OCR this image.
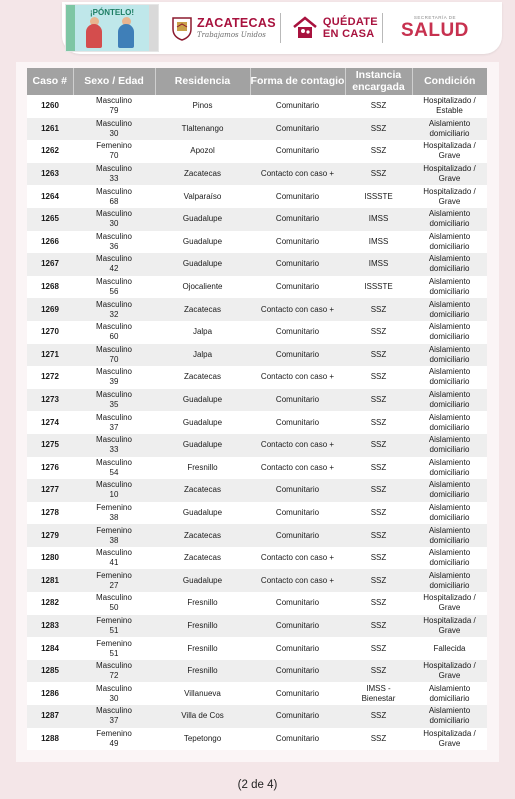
¡PÓNTELO!
ZACATECAS
Trabajamos Unidos
QUÉDATE
EN CASA
SECRETARÍA DE
SALUD
Caso #	Sexo / Edad	Residencia	Forma de contagio	Instancia encargada	Condición

1260	Masculino
79	Pinos	Comunitario	SSZ	Hospitalizado /
Estable

1261	Masculino
30	Tlaltenango	Comunitario	SSZ	Aislamiento
domiciliario

1262	Femenino
70	Apozol	Comunitario	SSZ	Hospitalizada /
Grave

1263	Masculino
33	Zacatecas	Contacto con caso +	SSZ	Hospitalizado /
Grave

1264	Masculino
68	Valparaíso	Comunitario	ISSSTE	Hospitalizado /
Grave

1265	Masculino
30	Guadalupe	Comunitario	IMSS	Aislamiento
domiciliario

1266	Masculino
36	Guadalupe	Comunitario	IMSS	Aislamiento
domiciliario

1267	Masculino
42	Guadalupe	Comunitario	IMSS	Aislamiento
domiciliario

1268	Masculino
56	Ojocaliente	Comunitario	ISSSTE	Aislamiento
domiciliario

1269	Masculino
32	Zacatecas	Contacto con caso +	SSZ	Aislamiento
domiciliario

1270	Masculino
60	Jalpa	Comunitario	SSZ	Aislamiento
domiciliario

1271	Masculino
70	Jalpa	Comunitario	SSZ	Aislamiento
domiciliario

1272	Masculino
39	Zacatecas	Contacto con caso +	SSZ	Aislamiento
domiciliario

1273	Masculino
35	Guadalupe	Comunitario	SSZ	Aislamiento
domiciliario

1274	Masculino
37	Guadalupe	Comunitario	SSZ	Aislamiento
domiciliario

1275	Masculino
33	Guadalupe	Contacto con caso +	SSZ	Aislamiento
domiciliario

1276	Masculino
54	Fresnillo	Contacto con caso +	SSZ	Aislamiento
domiciliario

1277	Masculino
10	Zacatecas	Comunitario	SSZ	Aislamiento
domiciliario

1278	Femenino
38	Guadalupe	Comunitario	SSZ	Aislamiento
domiciliario

1279	Femenino
38	Zacatecas	Comunitario	SSZ	Aislamiento
domiciliario

1280	Masculino
41	Zacatecas	Contacto con caso +	SSZ	Aislamiento
domiciliario

1281	Femenino
27	Guadalupe	Contacto con caso +	SSZ	Aislamiento
domiciliario

1282	Masculino
50	Fresnillo	Comunitario	SSZ	Hospitalizado /
Grave

1283	Femenino
51	Fresnillo	Comunitario	SSZ	Hospitalizada /
Grave

1284	Femenino
51	Fresnillo	Comunitario	SSZ	Fallecida

1285	Masculino
72	Fresnillo	Comunitario	SSZ	Hospitalizado /
Grave

1286	Masculino
30	Villanueva	Comunitario	IMSS -
Bienestar	Aislamiento
domiciliario

1287	Masculino
37	Villa de Cos	Comunitario	SSZ	Aislamiento
domiciliario

1288	Femenino
49	Tepetongo	Comunitario	SSZ	Hospitalizada /
Grave
(2 de 4)
